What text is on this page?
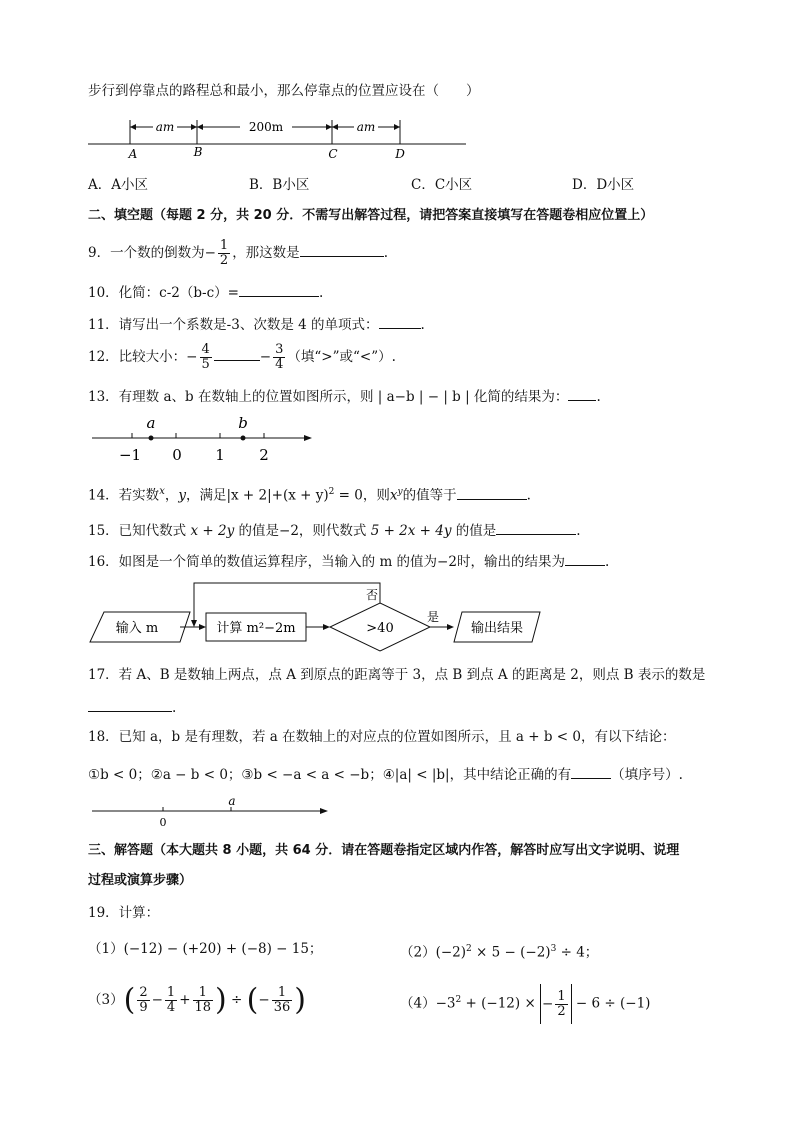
步行到停靠点的路程总和最小，那么停靠点的位置应设在（　　）
am	200m	am
A	B	C	D
A．A小区	B．B小区	C．C小区	D．D小区
二、填空题（每题 2 分，共 20 分．不需写出解答过程，请把答案直接填写在答题卷相应位置上）
9．一个数的倒数为− $\frac{1}{2}$ ，那这数是	.
10．化简：c-2（b-c）=	.
11．请写出一个系数是-3、次数是 4 的单项式：	.
12．比较大小：− $\frac{4}{5}$	− $\frac{3}{4}$ （填“>”或“<”）.
13．有理数 a、b 在数轴上的位置如图所示，则 | a−b | − | b | 化简的结果为： .
a	b
−1 0 1 2
14．若实数$^x$，y，满足$|x + 2|+(x + y)^2 = 0$，则$x^y$的值等于	.
15．已知代数式 x + 2y 的值是−2，则代数式 5 + 2x + 4y 的值是	.
16．如图是一个简单的数值运算程序，当输入的 m 的值为−2时，输出的结果为	.
输入 m	计算 m²−2m	>40
是
输出结果
否
17．若 A、B 是数轴上两点，点 A 到原点的距离等于 3，点 B 到点 A 的距离是 2，则点 B 表示的数是
.
18．已知 a，b 是有理数，若 a 在数轴上的对应点的位置如图所示，且 a + b < 0，有以下结论：
①b < 0；②a − b < 0；③b < −a < a < −b；④|a| < |b|，其中结论正确的有	（填序号）.
0
a
三、解答题（本大题共 8 小题，共 64 分．请在答题卷指定区域内作答，解答时应写出文字说明、说理
过程或演算步骤）
19．计算：
（1）(−12) − (+20) + (−8) − 15；	$(2)(-2)^2 \times 5 - (-2)^3 \div 4$；
$(3)( \frac{2}{9} - \frac{1}{4} + \frac{1}{18}$ ) ÷ (− $\frac{1}{36}$ )	$(4)-3^2 + (-12)$ × − $\frac{1}{2} - 6 \div (-1)$
